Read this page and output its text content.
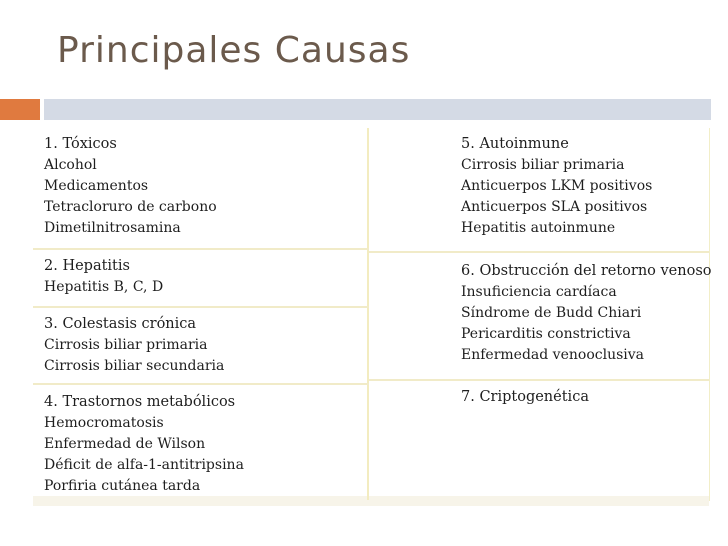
Principales Causas
1. Tóxicos
Alcohol
Medicamentos
Tetracloruro de carbono
Dimetilnitrosamina
2. Hepatitis
Hepatitis B, C, D
3. Colestasis crónica
Cirrosis biliar primaria
Cirrosis biliar secundaria
4. Trastornos metabólicos
Hemocromatosis
Enfermedad de Wilson
Déficit de alfa-1-antitripsina
Porfiria cutánea tarda
5. Autoinmune
Cirrosis biliar primaria
Anticuerpos LKM positivos
Anticuerpos SLA positivos
Hepatitis autoinmune
6. Obstrucción del retorno venoso
Insuficiencia cardíaca
Síndrome de Budd Chiari
Pericarditis constrictiva
Enfermedad venooclusiva
7. Criptogenética
